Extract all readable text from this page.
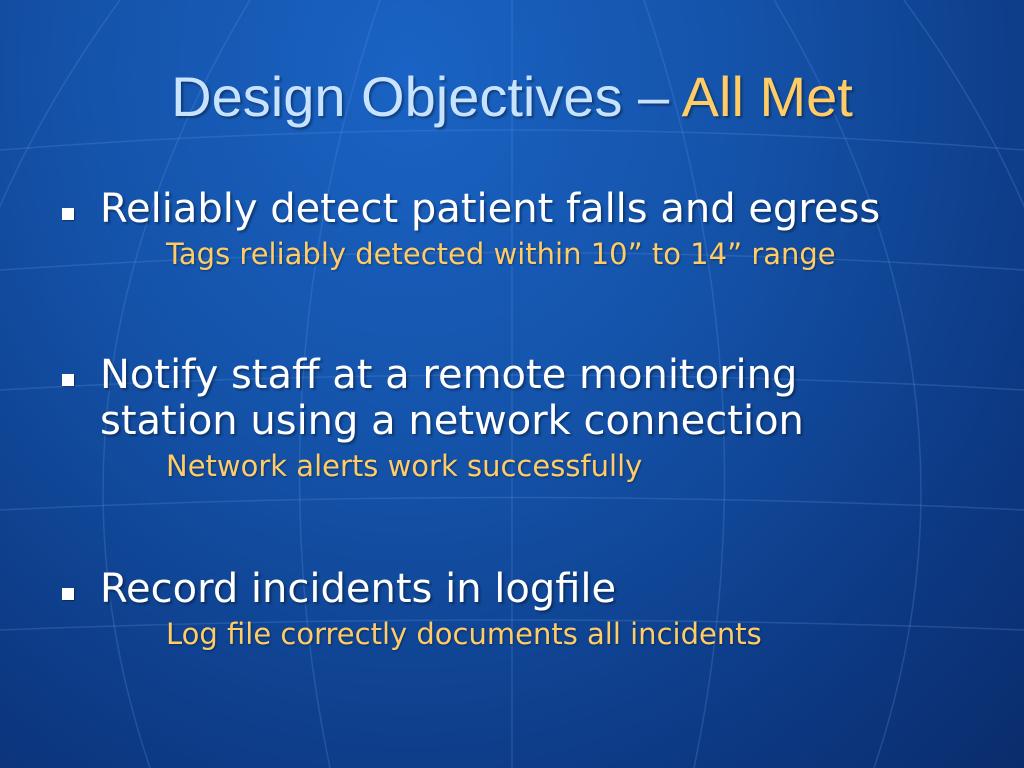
Design Objectives – All Met
Reliably detect patient falls and egress
Tags reliably detected within 10” to 14” range
Notify staff at a remote monitoring station using a network connection
Network alerts work successfully
Record incidents in logfile
Log file correctly documents all incidents
